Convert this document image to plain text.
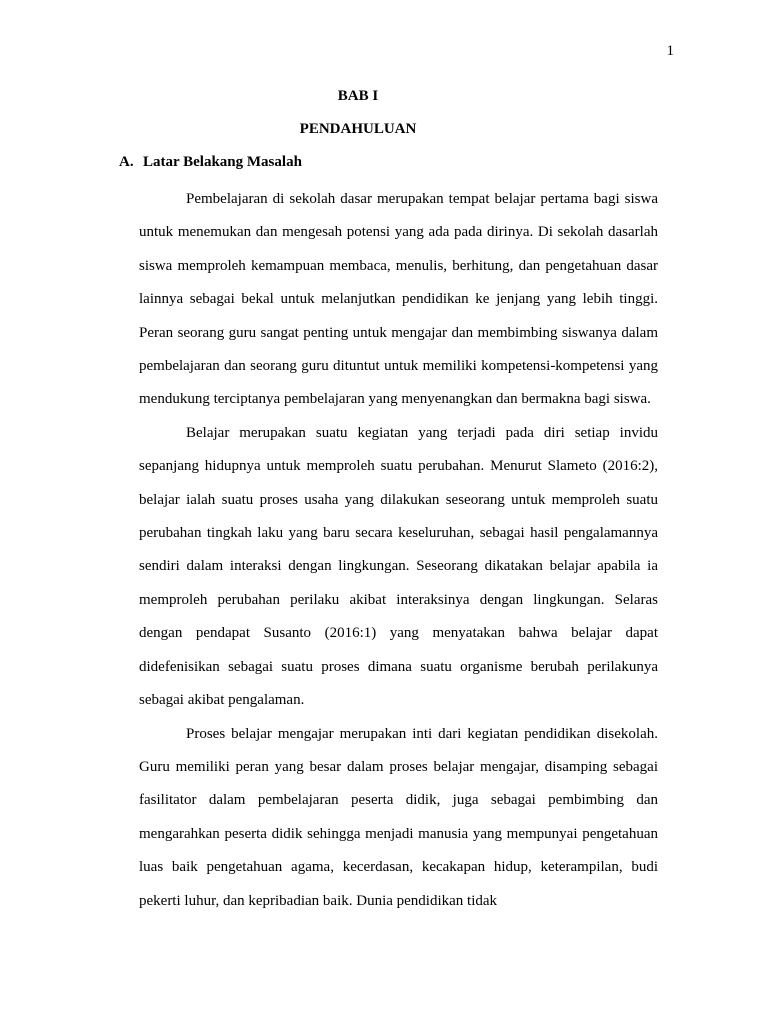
1
BAB I
PENDAHULUAN
A. Latar Belakang Masalah

Pembelajaran di sekolah dasar merupakan tempat belajar pertama bagi siswa untuk menemukan dan mengesah potensi yang ada pada dirinya. Di sekolah dasarlah siswa memproleh kemampuan membaca, menulis, berhitung, dan pengetahuan dasar lainnya sebagai bekal untuk melanjutkan pendidikan ke jenjang yang lebih tinggi. Peran seorang guru sangat penting untuk mengajar dan membimbing siswanya dalam pembelajaran dan seorang guru dituntut untuk memiliki kompetensi-kompetensi yang mendukung terciptanya pembelajaran yang menyenangkan dan bermakna bagi siswa.

Belajar merupakan suatu kegiatan yang terjadi pada diri setiap invidu sepanjang hidupnya untuk memproleh suatu perubahan. Menurut Slameto (2016:2), belajar ialah suatu proses usaha yang dilakukan seseorang untuk memproleh suatu perubahan tingkah laku yang baru secara keseluruhan, sebagai hasil pengalamannya sendiri dalam interaksi dengan lingkungan. Seseorang dikatakan belajar apabila ia memproleh perubahan perilaku akibat interaksinya dengan lingkungan. Selaras dengan pendapat Susanto (2016:1) yang menyatakan bahwa belajar dapat didefenisikan sebagai suatu proses dimana suatu organisme berubah perilakunya sebagai akibat pengalaman.

Proses belajar mengajar merupakan inti dari kegiatan pendidikan disekolah. Guru memiliki peran yang besar dalam proses belajar mengajar, disamping sebagai fasilitator dalam pembelajaran peserta didik, juga sebagai pembimbing dan mengarahkan peserta didik sehingga menjadi manusia yang mempunyai pengetahuan luas baik pengetahuan agama, kecerdasan, kecakapan hidup, keterampilan, budi pekerti luhur, dan kepribadian baik. Dunia pendidikan tidak
